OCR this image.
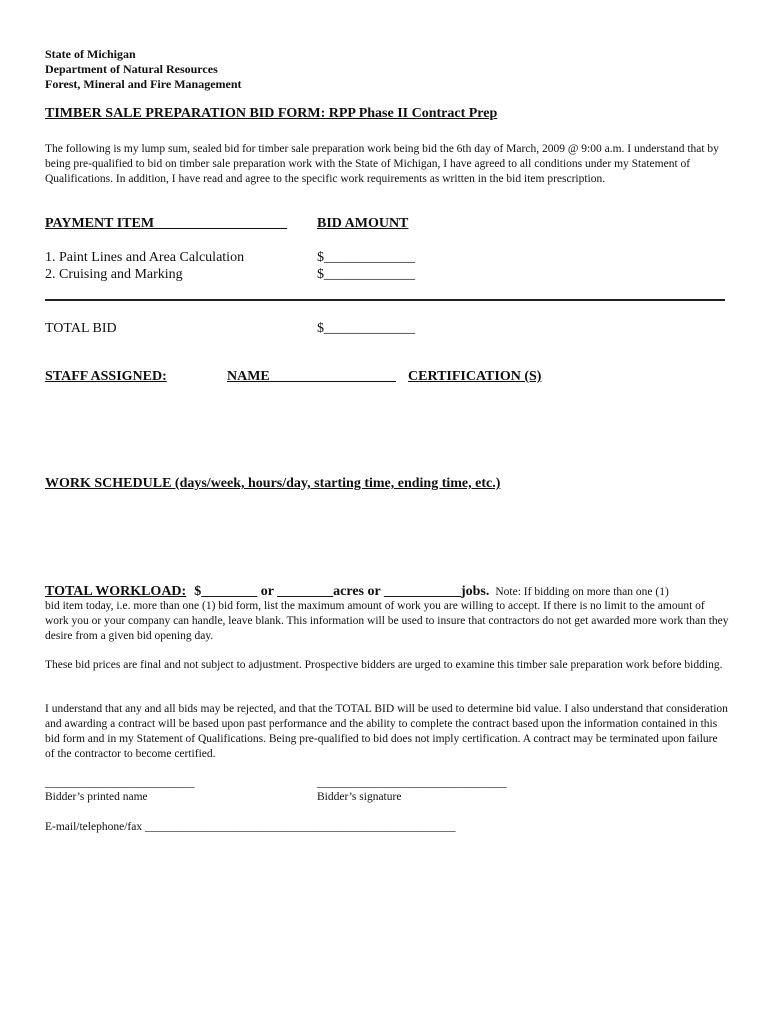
State of Michigan
Department of Natural Resources
Forest, Mineral and Fire Management
TIMBER SALE PREPARATION BID FORM: RPP Phase II Contract Prep
The following is my lump sum, sealed bid for timber sale preparation work being bid the 6th day of March, 2009 @ 9:00 a.m. I understand that by being pre-qualified to bid on timber sale preparation work with the State of Michigan, I have agreed to all conditions under my Statement of Qualifications. In addition, I have read and agree to the specific work requirements as written in the bid item prescription.
PAYMENT ITEM___________________ BID AMOUNT
1. Paint Lines and Area Calculation	$_____________
2. Cruising and Marking	$_____________
TOTAL BID	$_____________
STAFF ASSIGNED:	NAME__________________ CERTIFICATION (S)
WORK SCHEDULE (days/week, hours/day, starting time, ending time, etc.)
TOTAL WORKLOAD: $________ or ________acres or ___________jobs. Note: If bidding on more than one (1)
bid item today, i.e. more than one (1) bid form, list the maximum amount of work you are willing to accept. If there is no limit to the amount of work you or your company can handle, leave blank. This information will be used to insure that contractors do not get awarded more work than they desire from a given bid opening day.
These bid prices are final and not subject to adjustment. Prospective bidders are urged to examine this timber sale preparation work before bidding.
I understand that any and all bids may be rejected, and that the TOTAL BID will be used to determine bid value. I also understand that consideration and awarding a contract will be based upon past performance and the ability to complete the contract based upon the information contained in this bid form and in my Statement of Qualifications. Being pre-qualified to bid does not imply certification. A contract may be terminated upon failure of the contractor to become certified.
__________________________
Bidder’s printed name
_________________________________
Bidder’s signature
E-mail/telephone/fax ______________________________________________________
